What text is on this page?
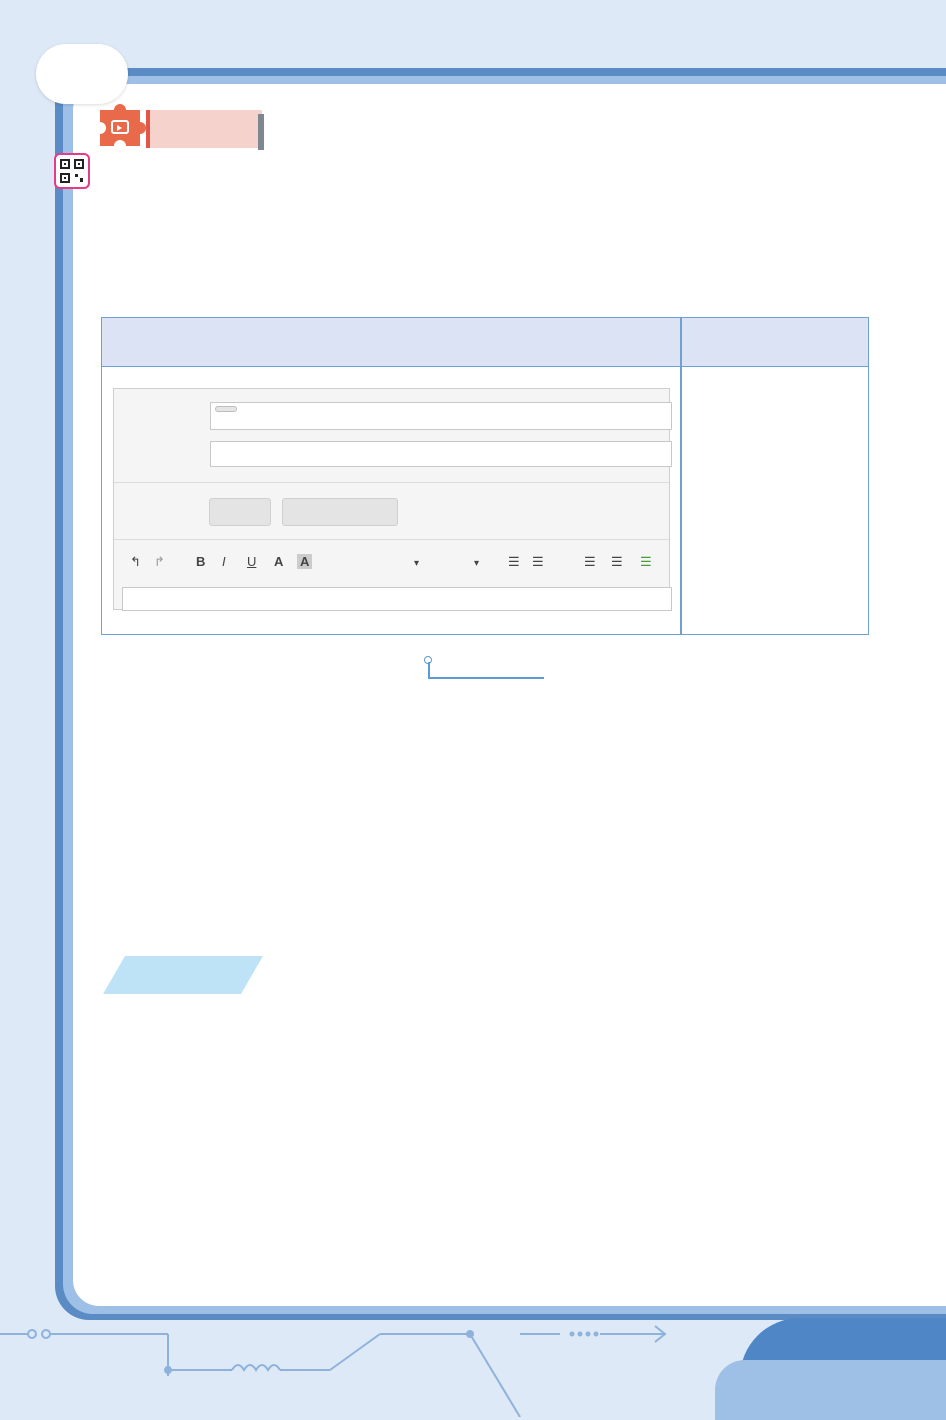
↰ ↱ B I U A A	▾	▾ ☰ ☰	☰ ☰ ☰
